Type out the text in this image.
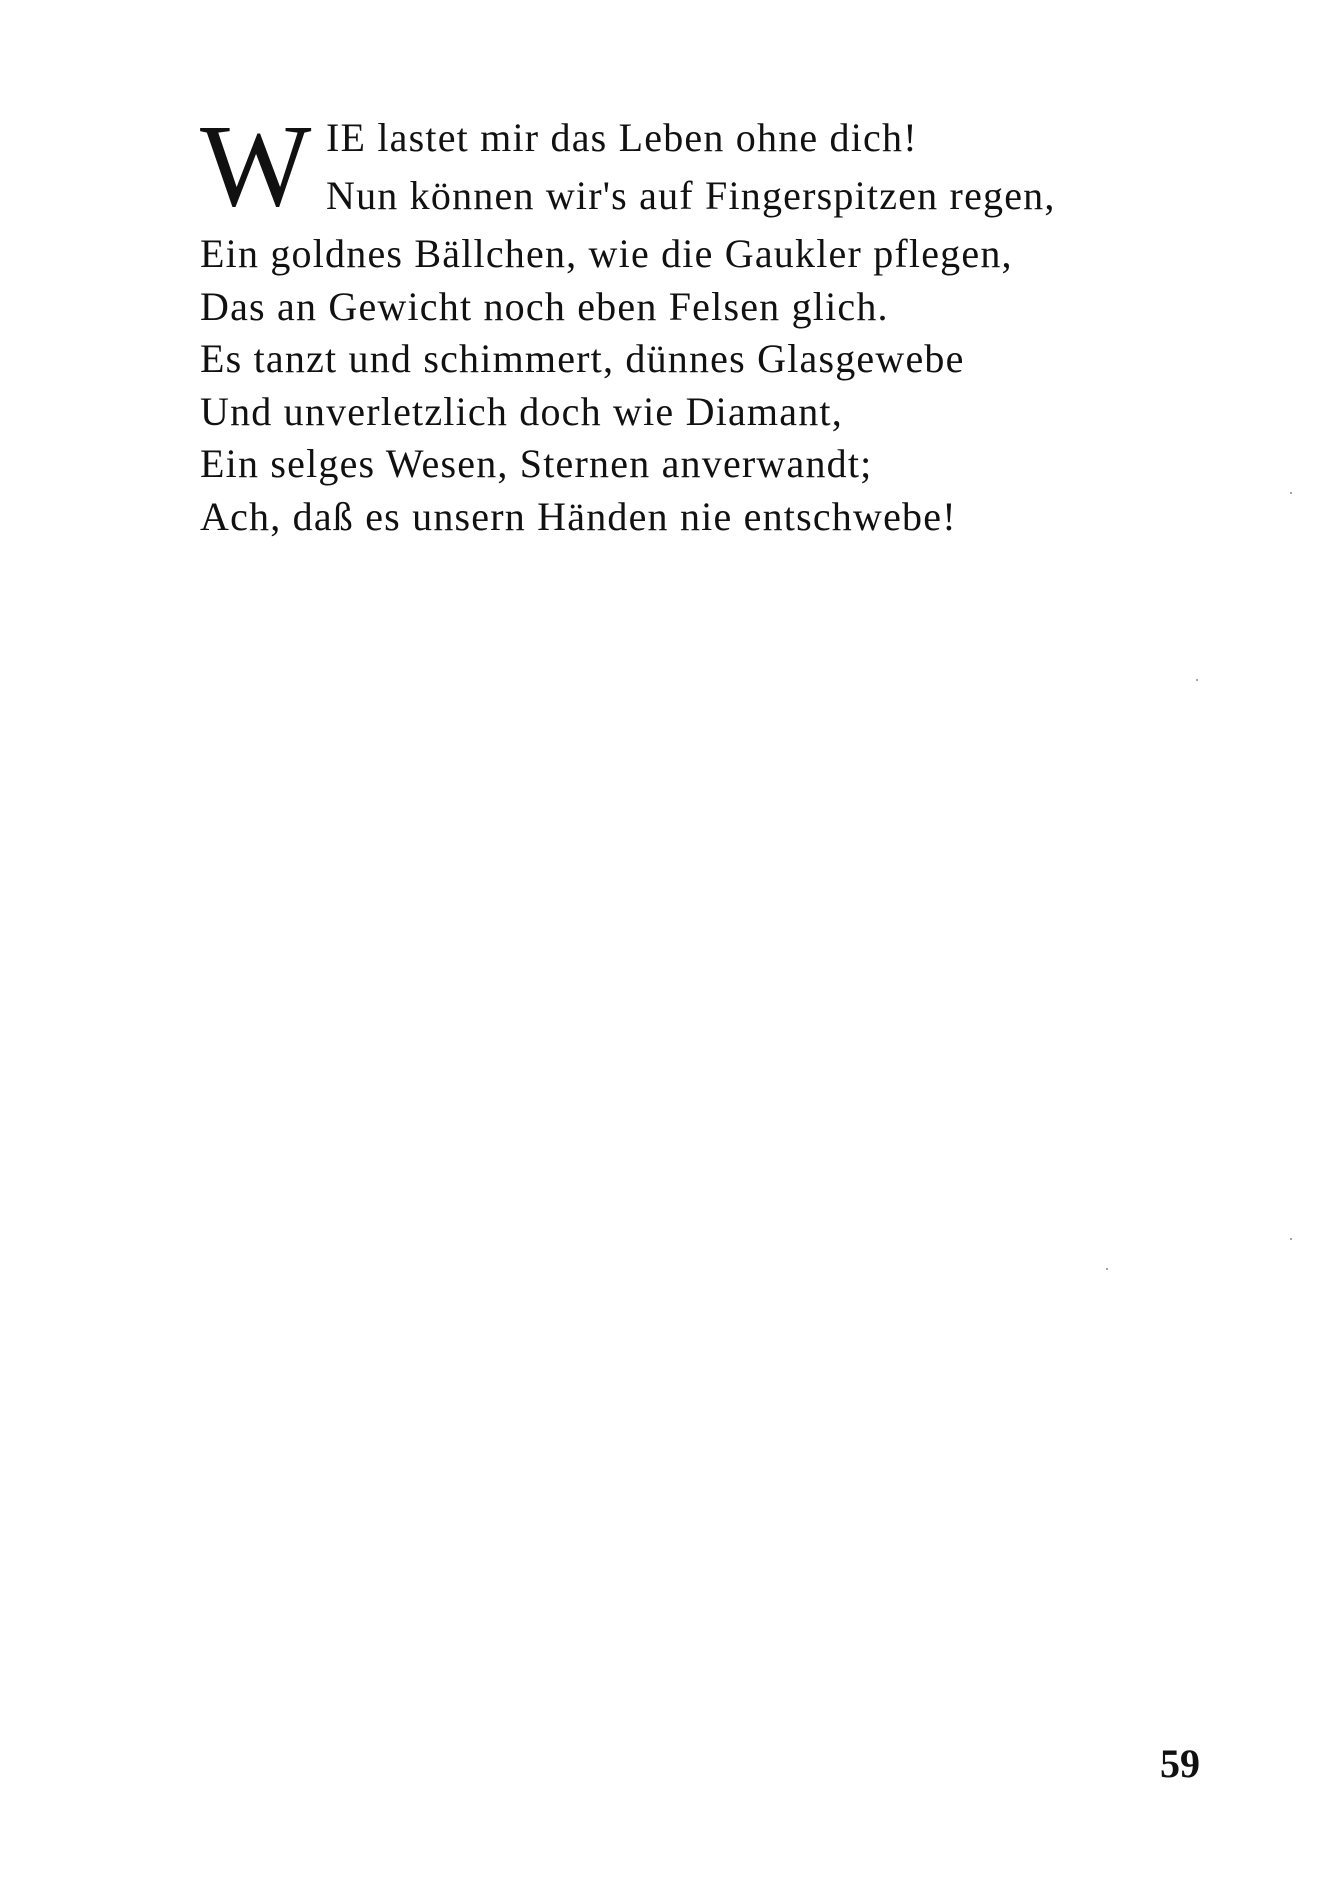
W IE lastet mir das Leben ohne dich!
Nun können wir's auf Fingerspitzen regen,
Ein goldnes Bällchen, wie die Gaukler pflegen,
Das an Gewicht noch eben Felsen glich.
Es tanzt und schimmert, dünnes Glasgewebe
Und unverletzlich doch wie Diamant,
Ein selges Wesen, Sternen anverwandt;
Ach, daß es unsern Händen nie entschwebe!
59
